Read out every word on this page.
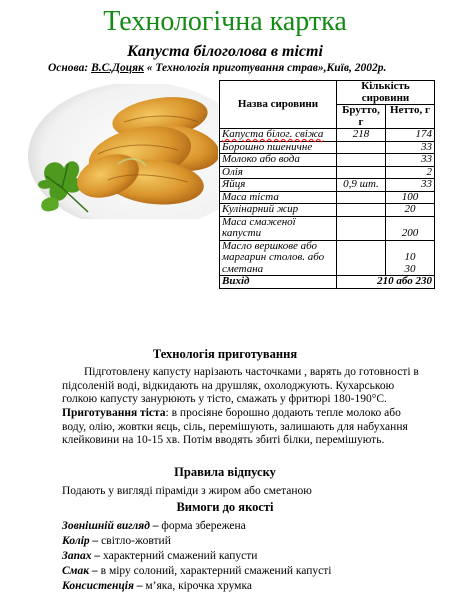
Технологічна картка
Капуста білоголова в тісті
Основа: В.С.Доцяк « Технологія приготування страв»,Київ, 2002р.
Назва сировини	Кількість сировини	
	Брутто, г	Нетто, г
Капуста білог. свіжа	218	174
Борошно пшеничне		33
Молоко або вода		33
Олія		2
Яйця	0,9 шт.	33
Маса тіста		100
Кулінарний жир		20
Маса смаженої капусти		200
Масло вершкове або маргарин столов. або сметана		10
30
Вихід	210 або 230	
Технологія приготування
Підготовлену капусту нарізають часточками , варять до готовності в підсоленій воді, відкидають на друшляк, охолоджують. Кухарською голкою капусту занурюють у тісто, смажать у фритюрі 180-190°С.
Приготування тіста: в просіяне борошно додають тепле молоко або воду, олію, жовтки яєць, сіль, перемішують, залишають для набухання клейковини на 10-15 хв. Потім вводять збиті білки, перемішують.
Правила відпуску
Подають у вигляді піраміди з жиром або сметаною
Вимоги до якості
Зовнішній вигляд – форма збережена
Колір – світло-жовтий
Запах – характерний смажений капусти
Смак – в міру солоний, характерний смажений капусті
Консистенція – м’яка, кірочка хрумка
